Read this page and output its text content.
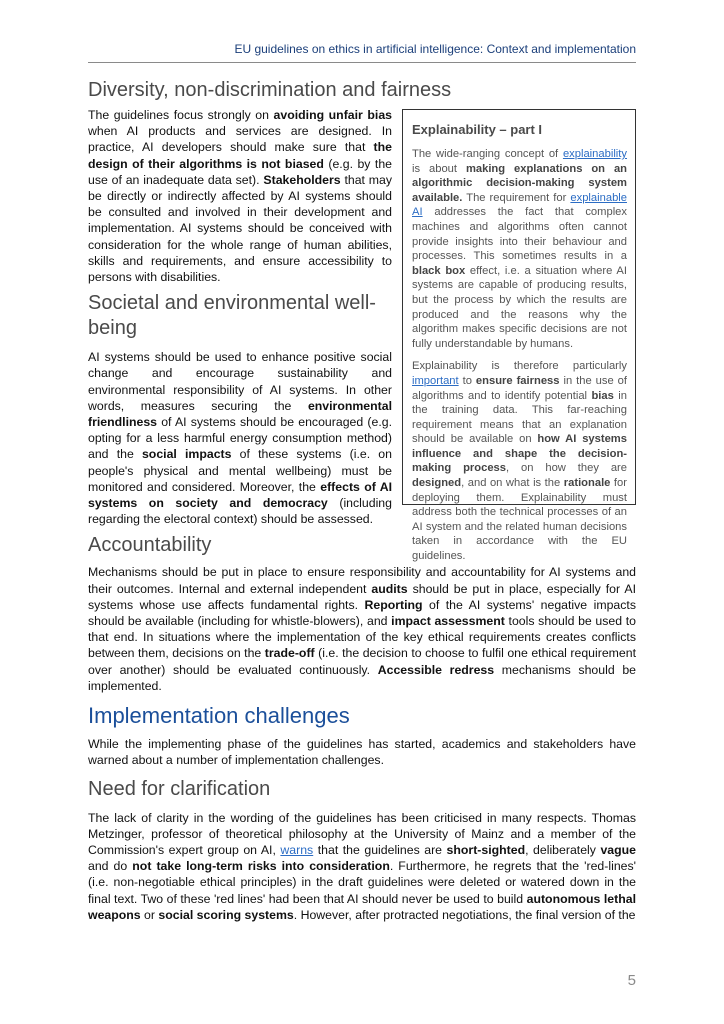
EU guidelines on ethics in artificial intelligence: Context and implementation
Diversity, non-discrimination and fairness
Explainability – part I

The wide-ranging concept of explainability is about making explanations on an algorithmic decision-making system available. The requirement for explainable AI addresses the fact that complex machines and algorithms often cannot provide insights into their behaviour and processes. This sometimes results in a black box effect, i.e. a situation where AI systems are capable of producing results, but the process by which the results are produced and the reasons why the algorithm makes specific decisions are not fully understandable by humans.

Explainability is therefore particularly important to ensure fairness in the use of algorithms and to identify potential bias in the training data. This far-reaching requirement means that an explanation should be available on how AI systems influence and shape the decision-making process, on how they are designed, and on what is the rationale for deploying them. Explainability must address both the technical processes of an AI system and the related human decisions taken in accordance with the EU guidelines.

The guidelines focus strongly on avoiding unfair bias when AI products and services are designed. In practice, AI developers should make sure that the design of their algorithms is not biased (e.g. by the use of an inadequate data set). Stakeholders that may be directly or indirectly affected by AI systems should be consulted and involved in their development and implementation. AI systems should be conceived with consideration for the whole range of human abilities, skills and requirements, and ensure accessibility to persons with disabilities.

Societal and environmental well-being

AI systems should be used to enhance positive social change and encourage sustainability and environmental responsibility of AI systems. In other words, measures securing the environmental friendliness of AI systems should be encouraged (e.g. opting for a less harmful energy consumption method) and the social impacts of these systems (i.e. on people's physical and mental wellbeing) must be monitored and considered. Moreover, the effects of AI systems on society and democracy (including regarding the electoral context) should be assessed.

Accountability

Mechanisms should be put in place to ensure responsibility and accountability for AI systems and their outcomes. Internal and external independent audits should be put in place, especially for AI systems whose use affects fundamental rights. Reporting of the AI systems' negative impacts should be available (including for whistle-blowers), and impact assessment tools should be used to that end. In situations where the implementation of the key ethical requirements creates conflicts between them, decisions on the trade-off (i.e. the decision to choose to fulfil one ethical requirement over another) should be evaluated continuously. Accessible redress mechanisms should be implemented.

Implementation challenges

While the implementing phase of the guidelines has started, academics and stakeholders have warned about a number of implementation challenges.

Need for clarification

The lack of clarity in the wording of the guidelines has been criticised in many respects. Thomas Metzinger, professor of theoretical philosophy at the University of Mainz and a member of the Commission's expert group on AI, warns that the guidelines are short-sighted, deliberately vague and do not take long-term risks into consideration. Furthermore, he regrets that the 'red-lines' (i.e. non-negotiable ethical principles) in the draft guidelines were deleted or watered down in the final text. Two of these 'red lines' had been that AI should never be used to build autonomous lethal weapons or social scoring systems. However, after protracted negotiations, the final version of the

5
